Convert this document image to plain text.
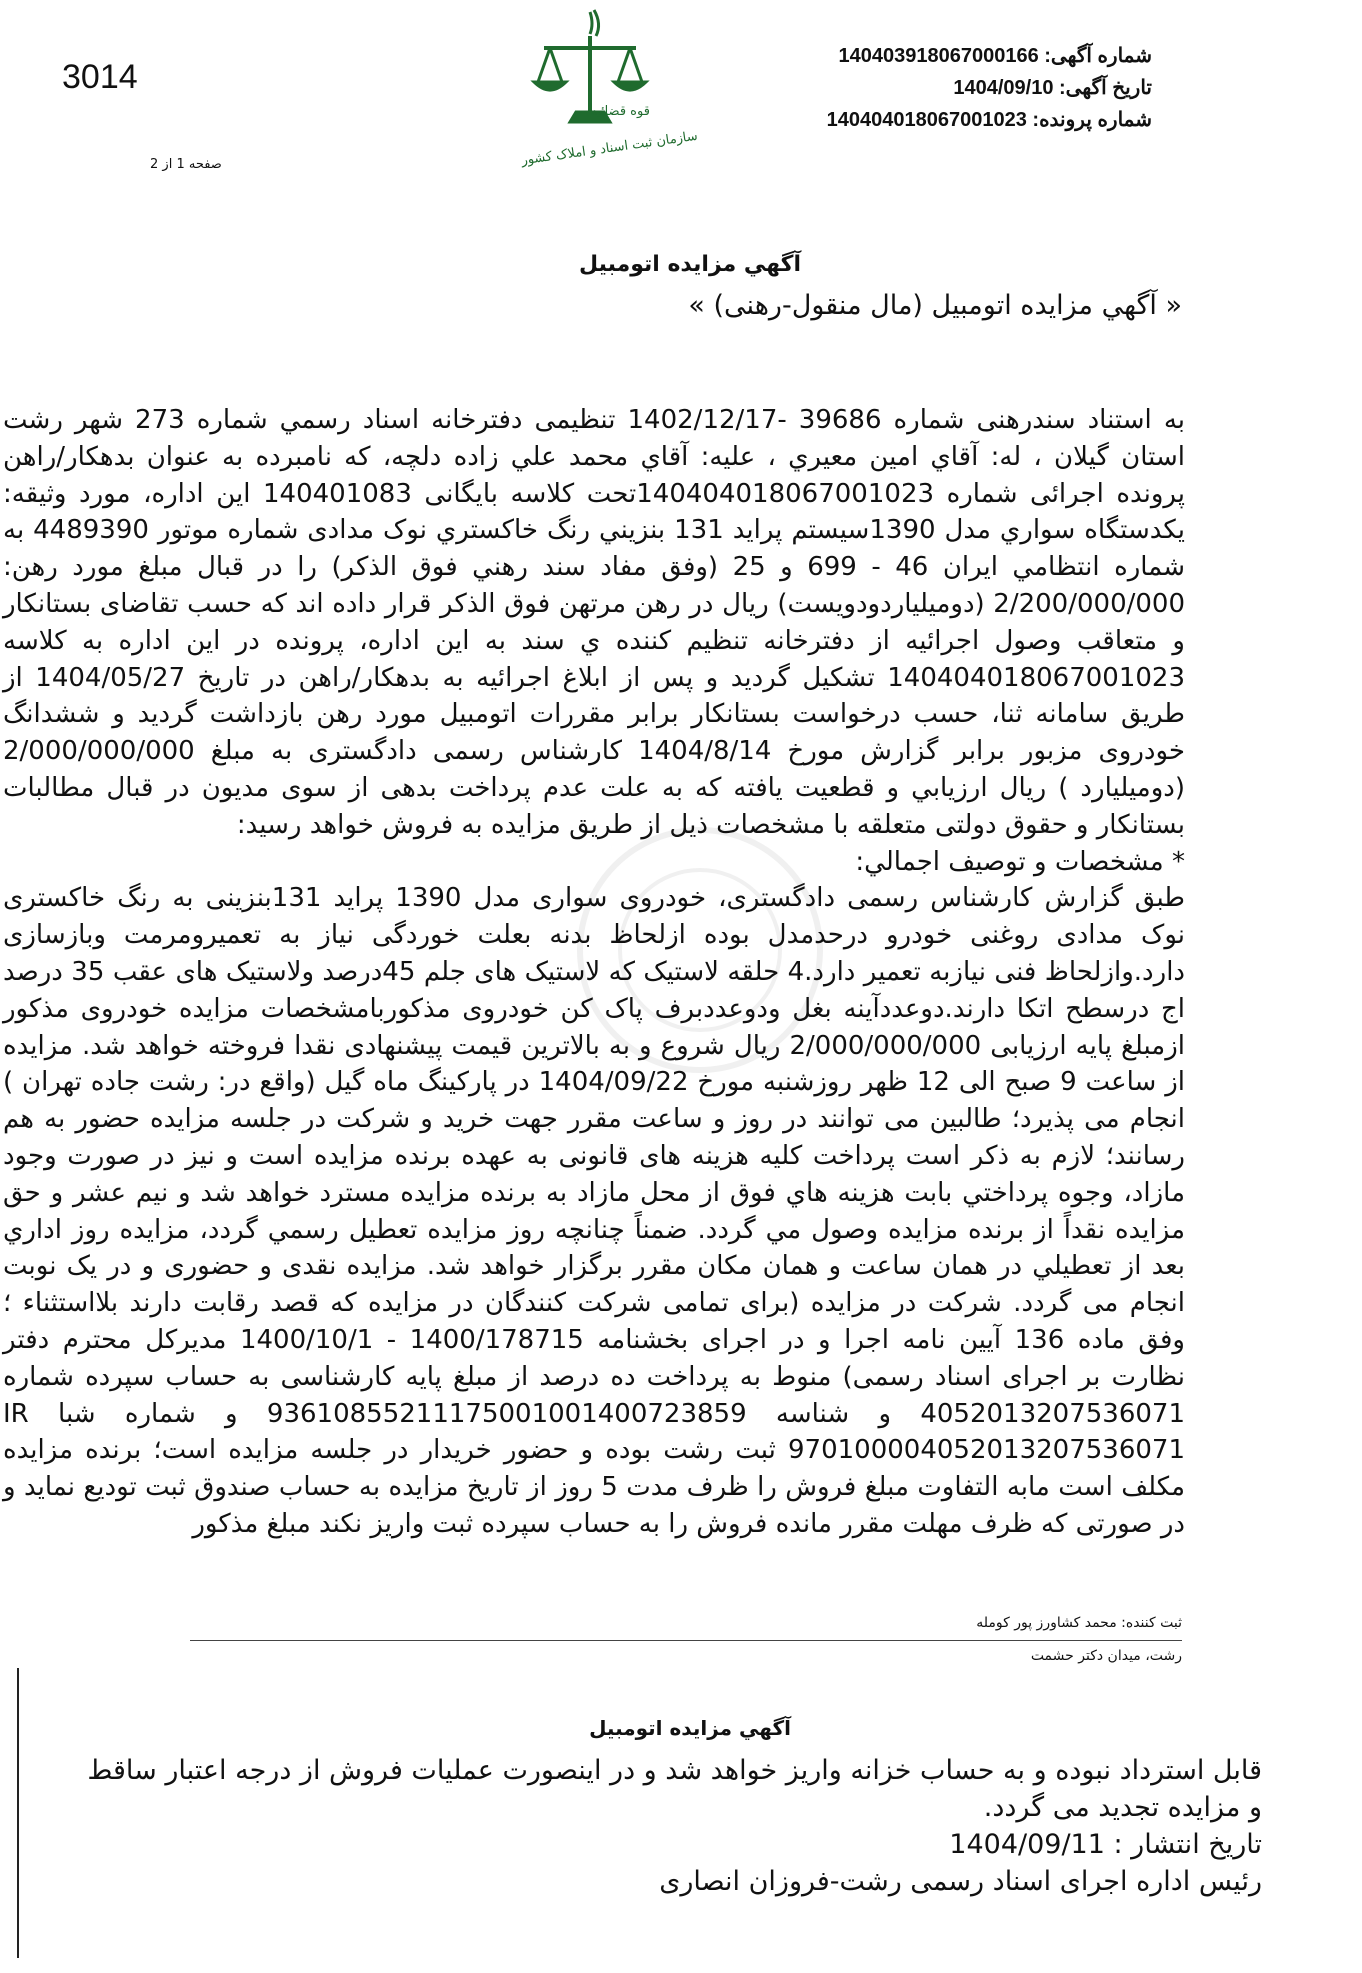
3014
صفحه 1 از 2
قوه قضائیه
سازمان ثبت اسناد و املاک کشور
شماره آگهی: 140403918067000166
تاریخ آگهی: 1404/09/10
شماره پرونده: 140404018067001023
آگهي مزايده اتومبيل
« آگهي مزايده اتومبيل (مال منقول-رهنی) »

به استناد سندرهنی شماره 39686 -1402/12/17 تنظیمی دفترخانه اسناد رسمي شماره 273 شهر رشت استان گیلان ، له: آقاي امين معيري ، عليه: آقاي محمد علي زاده دلچه، که نامبرده به عنوان بدهکار/راهن پرونده اجرائی شماره 140404018067001023تحت كلاسه بايگانی 140401083 اين اداره، مورد وثيقه: يكدستگاه سواري مدل 1390سيستم پرايد 131 بنزيني رنگ خاكستري نوک مدادی شماره موتور 4489390 به شماره انتظامي ايران 46 - 699 و 25 (وفق مفاد سند رهني فوق الذكر) را در قبال مبلغ مورد رهن: 2/200/000/000 (دوميلياردودويست) ريال در رهن مرتهن فوق الذکر قرار داده اند که حسب تقاضای بستانكار و متعاقب وصول اجرائيه از دفترخانه تنظیم کننده ي سند به اين اداره، پرونده در اين اداره به كلاسه 140404018067001023 تشكيل گرديد و پس از ابلاغ اجرائيه به بدهكار/راهن در تاريخ 1404/05/27 از طريق سامانه ثنا، حسب درخواست بستانكار برابر مقررات اتومبيل مورد رهن بازداشت گرديد و ششدانگ خودروی مزبور برابر گزارش مورخ 1404/8/14 کارشناس رسمی دادگستری به مبلغ 2/000/000/000 (دوميليارد ) ريال ارزيابي و قطعيت يافته که به علت عدم پرداخت بدهی از سوی مدیون در قبال مطالبات بستانکار و حقوق دولتی متعلقه با مشخصات ذیل از طریق مزایده به فروش خواهد رسید:

* مشخصات و توصيف اجمالي:

طبق گزارش کارشناس رسمی دادگستری، خودروی سواری مدل 1390 پراید 131بنزینی به رنگ خاکستری نوک مدادی روغنی خودرو درحدمدل بوده ازلحاظ بدنه بعلت خوردگی نیاز به تعمیرومرمت وبازسازی دارد.وازلحاظ فنی نیازبه تعمیر دارد.4 حلقه لاستیک که لاستیک های جلم 45درصد ولاستیک های عقب 35 درصد اج درسطح اتکا دارند.دوعددآینه بغل ودوعددبرف پاک کن خودروی مذکوربامشخصات مزایده خودروی مذکور ازمبلغ پایه ارزیابی 2/000/000/000 ريال شروع و به بالاترین قیمت پیشنهادی نقدا فروخته خواهد شد. مزایده از ساعت 9 صبح الی 12 ظهر روزشنبه مورخ 1404/09/22 در پارکینگ ماه گیل (واقع در: رشت جاده تهران ) انجام می پذیرد؛ طالبین می توانند در روز و ساعت مقرر جهت خرید و شرکت در جلسه مزایده حضور به هم رسانند؛ لازم به ذکر است پرداخت کلیه هزینه های قانونی به عهده برنده مزایده است و نیز در صورت وجود مازاد، وجوه پرداختي بابت هزينه هاي فوق از محل مازاد به برنده مزايده مسترد خواهد شد و نيم عشر و حق مزايده نقداً از برنده مزايده وصول مي گردد. ضمناً چنانچه روز مزايده تعطيل رسمي گردد، مزايده روز اداري بعد از تعطيلي در همان ساعت و همان مكان مقرر برگزار خواهد شد. مزایده نقدی و حضوری و در یک نوبت انجام می گردد. شرکت در مزایده (برای تمامی شرکت کنندگان در مزایده که قصد رقابت دارند بلااستثناء ؛ وفق ماده 136 آیین نامه اجرا و در اجرای بخشنامه 1400/178715 - 1400/10/1 مدیرکل محترم دفتر نظارت بر اجرای اسناد رسمی) منوط به پرداخت ده درصد از مبلغ پایه کارشناسی به حساب سپرده شماره 4052013207536071 و شناسه 93610855211175001001400723859 و شماره شبا IR 970100004052013207536071 ثبت رشت بوده و حضور خریدار در جلسه مزایده است؛ برنده مزایده مکلف است مابه التفاوت مبلغ فروش را ظرف مدت 5 روز از تاریخ مزایده به حساب صندوق ثبت تودیع نماید و در صورتی که ظرف مهلت مقرر مانده فروش را به حساب سپرده ثبت واریز نکند مبلغ مذکور

ثبت کننده: محمد کشاورز پور کومله
رشت، میدان دکتر حشمت
آگهي مزايده اتومبيل

قابل استرداد نبوده و به حساب خزانه واریز خواهد شد و در اینصورت عملیات فروش از درجه اعتبار ساقط و مزایده تجدید می گردد.

تاریخ انتشار : 1404/09/11

رئیس اداره اجرای اسناد رسمی رشت-فروزان انصاری
